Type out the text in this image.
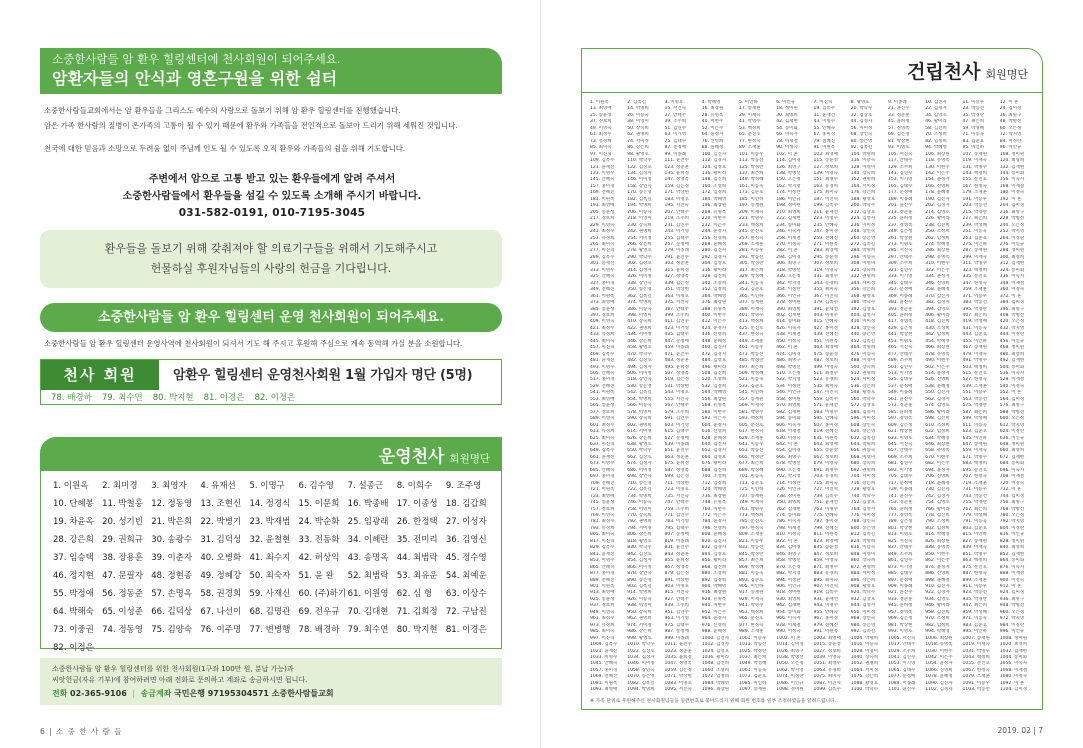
소중한사람들 암 환우 힐링센터에 천사회원이 되어주세요.
암환자들의 안식과 영혼구원을 위한 쉼터

소중한사람들교회에서는 암 환우들을 그리스도 예수의 사랑으로 돌보기 위해 암 환우 힐링센터를 진행했습니다.

암은 가족 한사람의 질병이 온가족의 고통이 될 수 있기 때문에 환우와 가족들을 전인적으로 돌보아 드리기 위해 세워진 것입니다.

천국에 대한 믿음과 소망으로 두려움 없이 주님께 인도 될 수 있도록 오직 환우와 가족들의 쉼을 위해 기도합니다.

주변에서 암으로 고통 받고 있는 환우들에게 알려 주셔서
소중한사람들에서 환우들을 섬길 수 있도록 소개해 주시기 바랍니다.
031-582-0191, 010-7195-3045
환우들을 돌보기 위해 갖춰져야 할 의료기구들을 위해서 기도해주시고
헌물하실 후원자님들의 사랑의 헌금을 기다립니다.
소중한사람들 암 환우 힐링센터 운영 천사회원이 되어주세요.
소중한사람들 암 환우 힐링센터 운영사역에 천사회원이 되셔서 기도 해 주시고 후원해 주심으로 계속 동역해 가실 분을 소원합니다.
천사 회원	암환우 힐링센터 운영천사회원 1월 가입자 명단 (5명)
78. 배경하 79. 최수연 80. 박지현 81. 이경은 82. 이정은
운영천사 회원명단
1. 이원옥	2. 최미경	3. 최영자	4. 유재선	5. 이명구	6. 김수영	7. 설종근	8. 이희수	9. 조주영
10. 단혜봉 11. 박철홍 12. 정동영 13. 조현신 14. 정경식 15. 이문희 16. 박종배 17. 이종성 18. 김갑희
19. 차윤옥 20. 성기빈 21. 박은희 22. 박병기 23. 박재범 24. 박순화 25. 임광래 26. 한정택 27. 이성자
28. 강은희 29. 권희규 30. 송광수 31. 김덕성 32. 윤철현 33. 전동화 34. 이혜란 35. 전미리 36. 김영신
37. 임승택 38. 장용훈 39. 이춘자 40. 오병화 41. 최수지 42. 허상익 43. 송명옥 44. 최범락 45. 정수영
46. 정지현 47. 문필자 48. 정현종 49. 정혜강 50. 최숙자 51. 윤 완	52. 최범락 53. 최유운 54. 최예운
55. 박정애 56. 정동준 57. 손명옥 58. 권경희 59. 사재신 60. (주)하기 61. 이원영 62. 심 형	63. 이상수
64. 박해숙 65. 이성준 66. 김덕상 67. 나선이 68. 김명관 69. 전우규 70. 김대현 71. 김희정 72. 구남진
73. 이중권 74. 정동영 75. 김양숙 76. 이주명 77. 변병행 78. 배경하 79. 최수연 80. 박지현 81. 이경은
82. 이정은
소중한사람들 암 환우 힐링센터를 위한 천사회원(1구좌 100만 원, 분납 가능)과
씨앗헌금(자유 기부)에 참여하려면 아래 전화로 문의하고 계좌로 송금하시면 됩니다.
전화 02-365-9106 | 송금계좌 국민은행 97195304571 소중한사람들교회
6 | 소 중 한 사 람 들
건립천사 회원명단
1. 이원옥	2. 김옥길	3. 이명호	4. 박혜영	5. 이인하	6. 이인규	7. 이진혁	8. 황영호	9. 이종례	10. 김진자	11. 이승우	12. 이 흔
13. 최영애	14. 박명희	15. 서진숙	16. 최장원	17. 송재원	18. 정미원	19. 김옥수	20. 박학수	21. 윤진수	22. 김경자	23. 박동선	24. 김미경
25. 송윤성	26. 이승숙	27. 안태주	28. 유명옥	29. 이재숙	30. 최영희	31. 윤재선	32. 김상호	33. 정준훈	34. 김영호	35. 박경란	36. 최명구
37. 정보희	38. 이영미	39. 조주희	40. 이현주	41. 박명수	42. 김재현	43. 이명수	44. 김성자	45. 윤희정	46. 황미라	47. 최은희	48. 박병선
49. 이영숙	50. 장숙희	51. 김연수	52. 이은주	53. 백정희	54. 송미화	55. 안혜숙	56. 이미정	57. 정영옥	58. 김진희	59. 박성혜	60. 오은정
61. 최정수	62. 권명희	63. 이기영	64. 윤정자	65. 문진호	66. 이숙자	67. 홍미경	68. 장인숙	69. 김은정	70. 조성희	71. 이동욱	72. 박지영
73. 유경희	74. 서미정	75. 김태수	76. 신영희	77. 한정숙	78. 이재철	79. 전혜진	80. 송은영	81. 박상현	82. 임정희	83. 김준호	84. 이정란
85. 최미숙	86. 강은희	87. 문정애	88. 윤혜정	89. 조재훈	90. 이정숙	91. 이원옥	92. 김옥길	93. 이명호	94. 박혜영	95. 이인하	96. 이인규
97. 이진혁	98. 황영호	99. 이종례	100. 김진자	101. 이승우	102. 이 흔	103. 최영애	104. 박명희	105. 서진숙	106. 최장원	107. 송재원	108. 정미원
109. 김옥수	110. 박학수	111. 윤진수	112. 김경자	113. 박동선	114. 김미경	115. 송윤성	116. 이승숙	117. 안태주	118. 유명옥	119. 이재숙	120. 최영희
121. 윤재선	122. 김상호	123. 정준훈	124. 김영호	125. 박경란	126. 최명구	127. 정보희	128. 이영미	129. 조주희	130. 이현주	131. 박명수	132. 김재현
133. 이명수	134. 김성자	135. 윤희정	136. 황미라	137. 최은희	138. 박병선	139. 이영숙	140. 장숙희	141. 김연수	142. 이은주	143. 백정희	144. 송미화
145. 안혜숙	146. 이미정	147. 정영옥	148. 김진희	149. 박성혜	150. 오은정	151. 최정수	152. 권명희	153. 이기영	154. 윤정자	155. 문진호	156. 이숙자
157. 홍미경	158. 장인숙	159. 김은정	160. 조성희	161. 이동욱	162. 박지영	163. 유경희	164. 서미정	165. 김태수	166. 신영희	167. 한정숙	168. 이재철
169. 전혜진	170. 송은영	171. 박상현	172. 임정희	173. 김준호	174. 이정란	175. 최미숙	176. 강은희	177. 문정애	178. 윤혜정	179. 조재훈	180. 이정숙
181. 이원옥	182. 김옥길	183. 이명호	184. 박혜영	185. 이인하	186. 이인규	187. 이진혁	188. 황영호	189. 이종례	190. 김진자	191. 이승우	192. 이 흔
193. 최영애	194. 박명희	195. 서진숙	196. 최장원	197. 송재원	198. 정미원	199. 김옥수	200. 박학수	201. 윤진수	202. 김경자	203. 박동선	204. 김미경
205. 송윤성	206. 이승숙	207. 안태주	208. 유명옥	209. 이재숙	210. 최영희	211. 윤재선	212. 김상호	213. 정준훈	214. 김영호	215. 박경란	216. 최명구
217. 정보희	218. 이영미	219. 조주희	220. 이현주	221. 박명수	222. 김재현	223. 이명수	224. 김성자	225. 윤희정	226. 황미라	227. 최은희	228. 박병선
229. 이영숙	230. 장숙희	231. 김연수	232. 이은주	233. 백정희	234. 송미화	235. 안혜숙	236. 이미정	237. 정영옥	238. 김진희	239. 박성혜	240. 오은정
241. 최정수	242. 권명희	243. 이기영	244. 윤정자	245. 문진호	246. 이숙자	247. 홍미경	248. 장인숙	249. 김은정	250. 조성희	251. 이동욱	252. 박지영
253. 유경희	254. 서미정	255. 김태수	256. 신영희	257. 한정숙	258. 이재철	259. 전혜진	260. 송은영	261. 박상현	262. 임정희	263. 김준호	264. 이정란
265. 최미숙	266. 강은희	267. 문정애	268. 윤혜정	269. 조재훈	270. 이정숙	271. 이원옥	272. 김옥길	273. 이명호	274. 박혜영	275. 이인하	276. 이인규
277. 이진혁	278. 황영호	279. 이종례	280. 김진자	281. 이승우	282. 이 흔	283. 최영애	284. 박명희	285. 서진숙	286. 최장원	287. 송재원	288. 정미원
289. 김옥수	290. 박학수	291. 윤진수	292. 김경자	293. 박동선	294. 김미경	295. 송윤성	296. 이승숙	297. 안태주	298. 유명옥	299. 이재숙	300. 최영희
301. 윤재선	302. 김상호	303. 정준훈	304. 김영호	305. 박경란	306. 최명구	307. 정보희	308. 이영미	309. 조주희	310. 이현주	311. 박명수	312. 김재현
313. 이명수	314. 김성자	315. 윤희정	316. 황미라	317. 최은희	318. 박병선	319. 이영숙	320. 장숙희	321. 김연수	322. 이은주	323. 백정희	324. 송미화
325. 안혜숙	326. 이미정	327. 정영옥	328. 김진희	329. 박성혜	330. 오은정	331. 최정수	332. 권명희	333. 이기영	334. 윤정자	335. 문진호	336. 이숙자
337. 홍미경	338. 장인숙	339. 김은정	340. 조성희	341. 이동욱	342. 박지영	343. 유경희	344. 서미정	345. 김태수	346. 신영희	347. 한정숙	348. 이재철
349. 전혜진	350. 송은영	351. 박상현	352. 임정희	353. 김준호	354. 이정란	355. 최미숙	356. 강은희	357. 문정애	358. 윤혜정	359. 조재훈	360. 이정숙
361. 이원옥	362. 김옥길	363. 이명호	364. 박혜영	365. 이인하	366. 이인규	367. 이진혁	368. 황영호	369. 이종례	370. 김진자	371. 이승우	372. 이 흔
373. 최영애	374. 박명희	375. 서진숙	376. 최장원	377. 송재원	378. 정미원	379. 김옥수	380. 박학수	381. 윤진수	382. 김경자	383. 박동선	384. 김미경
385. 송윤성	386. 이승숙	387. 안태주	388. 유명옥	389. 이재숙	390. 최영희	391. 윤재선	392. 김상호	393. 정준훈	394. 김영호	395. 박경란	396. 최명구
397. 정보희	398. 이영미	399. 조주희	400. 이현주	401. 박명수	402. 김재현	403. 이명수	404. 김성자	405. 윤희정	406. 황미라	407. 최은희	408. 박병선
409. 이영숙	410. 장숙희	411. 김연수	412. 이은주	413. 백정희	414. 송미화	415. 안혜숙	416. 이미정	417. 정영옥	418. 김진희	419. 박성혜	420. 오은정
421. 최정수	422. 권명희	423. 이기영	424. 윤정자	425. 문진호	426. 이숙자	427. 홍미경	428. 장인숙	429. 김은정	430. 조성희	431. 이동욱	432. 박지영
433. 유경희	434. 서미정	435. 김태수	436. 신영희	437. 한정숙	438. 이재철	439. 전혜진	440. 송은영	441. 박상현	442. 임정희	443. 김준호	444. 이정란
445. 최미숙	446. 강은희	447. 문정애	448. 윤혜정	449. 조재훈	450. 이정숙	451. 이원옥	452. 김옥길	453. 이명호	454. 박혜영	455. 이인하	456. 이인규
457. 이진혁	458. 황영호	459. 이종례	460. 김진자	461. 이승우	462. 이 흔	463. 최영애	464. 박명희	465. 서진숙	466. 최장원	467. 송재원	468. 정미원
469. 김옥수	470. 박학수	471. 윤진수	472. 김경자	473. 박동선	474. 김미경	475. 송윤성	476. 이승숙	477. 안태주	478. 유명옥	479. 이재숙	480. 최영희
481. 윤재선	482. 김상호	483. 정준훈	484. 김영호	485. 박경란	486. 최명구	487. 정보희	488. 이영미	489. 조주희	490. 이현주	491. 박명수	492. 김재현
493. 이명수	494. 김성자	495. 윤희정	496. 황미라	497. 최은희	498. 박병선	499. 이영숙	500. 장숙희	501. 김연수	502. 이은주	503. 백정희	504. 송미화
505. 안혜숙	506. 이미정	507. 정영옥	508. 김진희	509. 박성혜	510. 오은정	511. 최정수	512. 권명희	513. 이기영	514. 윤정자	515. 문진호	516. 이숙자
517. 홍미경	518. 장인숙	519. 김은정	520. 조성희	521. 이동욱	522. 박지영	523. 유경희	524. 서미정	525. 김태수	526. 신영희	527. 한정숙	528. 이재철
529. 전혜진	530. 송은영	531. 박상현	532. 임정희	533. 김준호	534. 이정란	535. 최미숙	536. 강은희	537. 문정애	538. 윤혜정	539. 조재훈	540. 이정숙
541. 이원옥	542. 김옥길	543. 이명호	544. 박혜영	545. 이인하	546. 이인규	547. 이진혁	548. 황영호	549. 이종례	550. 김진자	551. 이승우	552. 이 흔
553. 최영애	554. 박명희	555. 서진숙	556. 최장원	557. 송재원	558. 정미원	559. 김옥수	560. 박학수	561. 윤진수	562. 김경자	563. 박동선	564. 김미경
565. 송윤성	566. 이승숙	567. 안태주	568. 유명옥	569. 이재숙	570. 최영희	571. 윤재선	572. 김상호	573. 정준훈	574. 김영호	575. 박경란	576. 최명구
577. 정보희	578. 이영미	579. 조주희	580. 이현주	581. 박명수	582. 김재현	583. 이명수	584. 김성자	585. 윤희정	586. 황미라	587. 최은희	588. 박병선
589. 이영숙	590. 장숙희	591. 김연수	592. 이은주	593. 백정희	594. 송미화	595. 안혜숙	596. 이미정	597. 정영옥	598. 김진희	599. 박성혜	600. 오은정
601. 최정수	602. 권명희	603. 이기영	604. 윤정자	605. 문진호	606. 이숙자	607. 홍미경	608. 장인숙	609. 김은정	610. 조성희	611. 이동욱	612. 박지영
613. 유경희	614. 서미정	615. 김태수	616. 신영희	617. 한정숙	618. 이재철	619. 전혜진	620. 송은영	621. 박상현	622. 임정희	623. 김준호	624. 이정란
625. 최미숙	626. 강은희	627. 문정애	628. 윤혜정	629. 조재훈	630. 이정숙	631. 이원옥	632. 김옥길	633. 이명호	634. 박혜영	635. 이인하	636. 이인규
637. 이진혁	638. 황영호	639. 이종례	640. 김진자	641. 이승우	642. 이 흔	643. 최영애	644. 박명희	645. 서진숙	646. 최장원	647. 송재원	648. 정미원
649. 김옥수	650. 박학수	651. 윤진수	652. 김경자	653. 박동선	654. 김미경	655. 송윤성	656. 이승숙	657. 안태주	658. 유명옥	659. 이재숙	660. 최영희
661. 윤재선	662. 김상호	663. 정준훈	664. 김영호	665. 박경란	666. 최명구	667. 정보희	668. 이영미	669. 조주희	670. 이현주	671. 박명수	672. 김재현
673. 이명수	674. 김성자	675. 윤희정	676. 황미라	677. 최은희	678. 박병선	679. 이영숙	680. 장숙희	681. 김연수	682. 이은주	683. 백정희	684. 송미화
685. 안혜숙	686. 이미정	687. 정영옥	688. 김진희	689. 박성혜	690. 오은정	691. 최정수	692. 권명희	693. 이기영	694. 윤정자	695. 문진호	696. 이숙자
697. 홍미경	698. 장인숙	699. 김은정	700. 조성희	701. 이동욱	702. 박지영	703. 유경희	704. 서미정	705. 김태수	706. 신영희	707. 한정숙	708. 이재철
709. 전혜진	710. 송은영	711. 박상현	712. 임정희	713. 김준호	714. 이정란	715. 최미숙	716. 강은희	717. 문정애	718. 윤혜정	719. 조재훈	720. 이정숙
721. 이원옥	722. 김옥길	723. 이명호	724. 박혜영	725. 이인하	726. 이인규	727. 이진혁	728. 황영호	729. 이종례	730. 김진자	731. 이승우	732. 이 흔
733. 최영애	734. 박명희	735. 서진숙	736. 최장원	737. 송재원	738. 정미원	739. 김옥수	740. 박학수	741. 윤진수	742. 김경자	743. 박동선	744. 김미경
745. 송윤성	746. 이승숙	747. 안태주	748. 유명옥	749. 이재숙	750. 최영희	751. 윤재선	752. 김상호	753. 정준훈	754. 김영호	755. 박경란	756. 최명구
757. 정보희	758. 이영미	759. 조주희	760. 이현주	761. 박명수	762. 김재현	763. 이명수	764. 김성자	765. 윤희정	766. 황미라	767. 최은희	768. 박병선
769. 이영숙	770. 장숙희	771. 김연수	772. 이은주	773. 백정희	774. 송미화	775. 안혜숙	776. 이미정	777. 정영옥	778. 김진희	779. 박성혜	780. 오은정
781. 최정수	782. 권명희	783. 이기영	784. 윤정자	785. 문진호	786. 이숙자	787. 홍미경	788. 장인숙	789. 김은정	790. 조성희	791. 이동욱	792. 박지영
793. 유경희	794. 서미정	795. 김태수	796. 신영희	797. 한정숙	798. 이재철	799. 전혜진	800. 송은영	801. 박상현	802. 임정희	803. 김준호	804. 이정란
805. 최미숙	806. 강은희	807. 문정애	808. 윤혜정	809. 조재훈	810. 이정숙	811. 이원옥	812. 김옥길	813. 이명호	814. 박혜영	815. 이인하	816. 이인규
817. 이진혁	818. 황영호	819. 이종례	820. 김진자	821. 이승우	822. 이 흔	823. 최영애	824. 박명희	825. 서진숙	826. 최장원	827. 송재원	828. 정미원
829. 김옥수	830. 박학수	831. 윤진수	832. 김경자	833. 박동선	834. 김미경	835. 송윤성	836. 이승숙	837. 안태주	838. 유명옥	839. 이재숙	840. 최영희
841. 윤재선	842. 김상호	843. 정준훈	844. 김영호	845. 박경란	846. 최명구	847. 정보희	848. 이영미	849. 조주희	850. 이현주	851. 박명수	852. 김재현
853. 이명수	854. 김성자	855. 윤희정	856. 황미라	857. 최은희	858. 박병선	859. 이영숙	860. 장숙희	861. 김연수	862. 이은주	863. 백정희	864. 송미화
865. 안혜숙	866. 이미정	867. 정영옥	868. 김진희	869. 박성혜	870. 오은정	871. 최정수	872. 권명희	873. 이기영	874. 윤정자	875. 문진호	876. 이숙자
877. 홍미경	878. 장인숙	879. 김은정	880. 조성희	881. 이동욱	882. 박지영	883. 유경희	884. 서미정	885. 김태수	886. 신영희	887. 한정숙	888. 이재철
889. 전혜진	890. 송은영	891. 박상현	892. 임정희	893. 김준호	894. 이정란	895. 최미숙	896. 강은희	897. 문정애	898. 윤혜정	899. 조재훈	900. 이정숙
901. 이원옥	902. 김옥길	903. 이명호	904. 박혜영	905. 이인하	906. 이인규	907. 이진혁	908. 황영호	909. 이종례	910. 김진자	911. 이승우	912. 이 흔
913. 최영애	914. 박명희	915. 서진숙	916. 최장원	917. 송재원	918. 정미원	919. 김옥수	920. 박학수	921. 윤진수	922. 김경자	923. 박동선	924. 김미경
925. 송윤성	926. 이승숙	927. 안태주	928. 유명옥	929. 이재숙	930. 최영희	931. 윤재선	932. 김상호	933. 정준훈	934. 김영호	935. 박경란	936. 최명구
937. 정보희	938. 이영미	939. 조주희	940. 이현주	941. 박명수	942. 김재현	943. 이명수	944. 김성자	945. 윤희정	946. 황미라	947. 최은희	948. 박병선
949. 이영숙	950. 장숙희	951. 김연수	952. 이은주	953. 백정희	954. 송미화	955. 안혜숙	956. 이미정	957. 정영옥	958. 김진희	959. 박성혜	960. 오은정
961. 최정수	962. 권명희	963. 이기영	964. 윤정자	965. 문진호	966. 이숙자	967. 홍미경	968. 장인숙	969. 김은정	970. 조성희	971. 이동욱	972. 박지영
973. 유경희	974. 서미정	975. 김태수	976. 신영희	977. 한정숙	978. 이재철	979. 전혜진	980. 송은영	981. 박상현	982. 임정희	983. 김준호	984. 이정란
985. 최미숙	986. 강은희	987. 문정애	988. 윤혜정	989. 조재훈	990. 이정숙	991. 이원옥	992. 김옥길	993. 이명호	994. 박혜영	995. 이인하	996. 이인규
997. 이진혁	998. 황영호	999. 이종례	1000. 김진자	1001. 이승우	1002. 이 흔	1003. 최영애	1004. 박명희	1005. 서진숙	1006. 최장원	1007. 송재원	1008. 정미원
1009. 김옥수	1010. 박학수	1011. 윤진수	1012. 김경자	1013. 박동선	1014. 김미경	1015. 송윤성	1016. 이승숙	1017. 안태주	1018. 유명옥	1019. 이재숙	1020. 최영희
1021. 윤재선	1022. 김상호	1023. 정준훈	1024. 김영호	1025. 박경란	1026. 최명구	1027. 정보희	1028. 이영미	1029. 조주희	1030. 이현주	1031. 박명수	1032. 김재현
1033. 이명수	1034. 김성자	1035. 윤희정	1036. 황미라	1037. 최은희	1038. 박병선	1039. 이영숙	1040. 장숙희	1041. 김연수	1042. 이은주	1043. 백정희	1044. 송미화
1045. 안혜숙	1046. 이미정	1047. 정영옥	1048. 김진희	1049. 박성혜	1050. 오은정	1051. 최정수	1052. 권명희	1053. 이기영	1054. 윤정자	1055. 문진호	1056. 이숙자
1057. 홍미경	1058. 장인숙	1059. 김은정	1060. 조성희	1061. 이동욱	1062. 박지영	1063. 유경희	1064. 서미정	1065. 김태수	1066. 신영희	1067. 한정숙	1068. 이재철
1069. 전혜진	1070. 송은영	1071. 박상현	1072. 임정희	1073. 김준호	1074. 이정란	1075. 최미숙	1076. 강은희	1077. 문정애	1078. 윤혜정	1079. 조재훈	1080. 이정숙
1081. 이원옥	1082. 김옥길	1083. 이명호	1084. 박혜영	1085. 이인하	1086. 이인규	1087. 이진혁	1088. 황영호	1089. 이종례	1090. 김진자	1091. 이승우	1092. 이 흔
1093. 최영애	1094. 박명희	1095. 서진숙	1096. 최장원	1097. 송재원	1098. 정미원	1099. 김옥수	1100. 박학수	1101. 윤진수	1102. 김경자	1103. 박동선	1104. 김미경
※ 가족 단위로 후원해주신 천사회원님들을 일련번호로 묶어드리기 위해 회원 번호를 일부 조정하였음을 알려드립니다.
2019. 02 | 7
